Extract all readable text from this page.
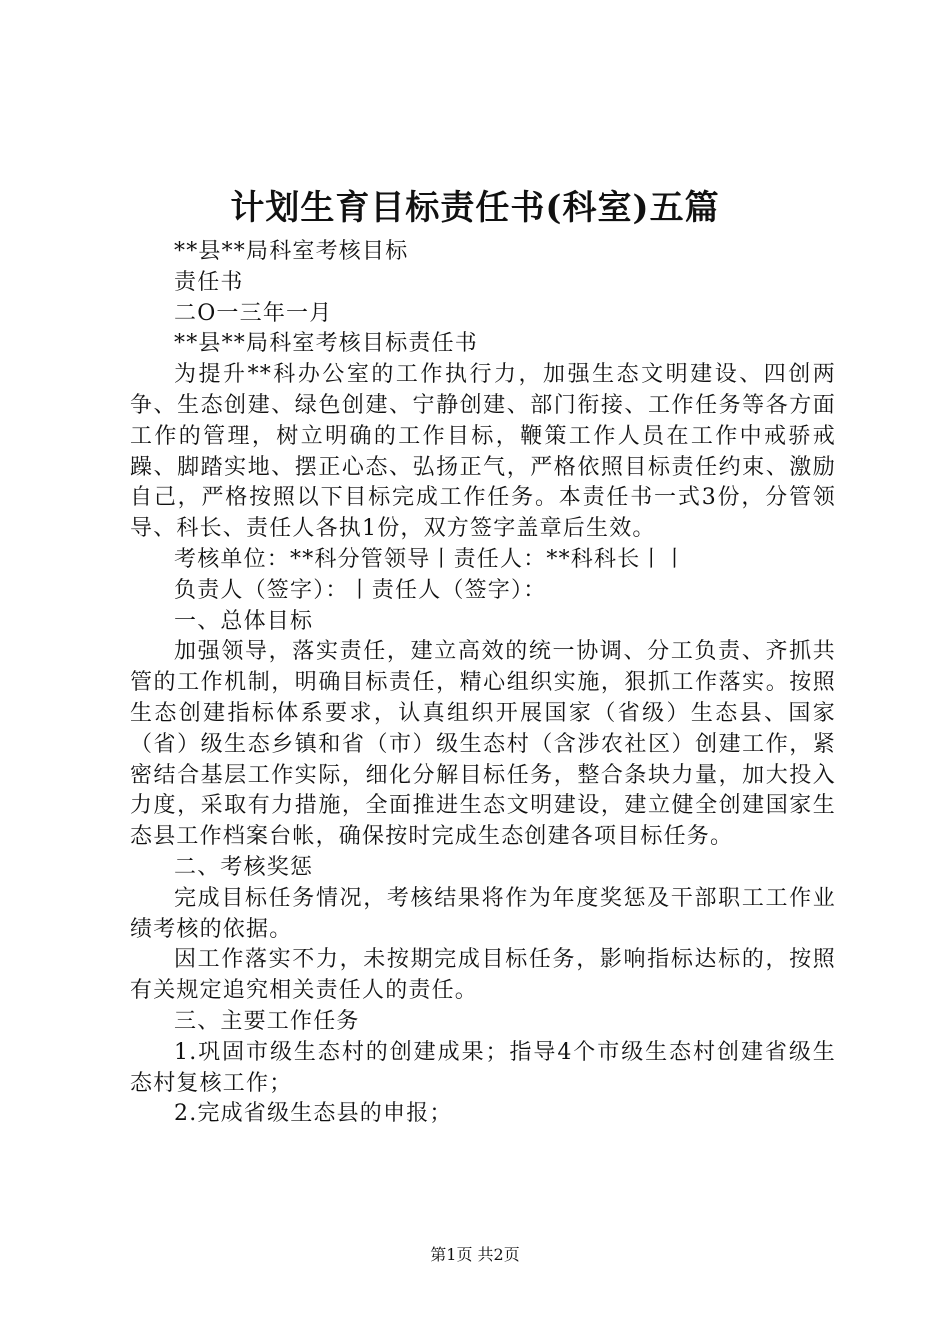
计划生育目标责任书(科室)五篇

**县**局科室考核目标

责任书

二O一三年一月

**县**局科室考核目标责任书

为提升**科办公室的工作执行力，加强生态文明建设、四创两争、生态创建、绿色创建、宁静创建、部门衔接、工作任务等各方面工作的管理，树立明确的工作目标，鞭策工作人员在工作中戒骄戒躁、脚踏实地、摆正心态、弘扬正气，严格依照目标责任约束、激励自己，严格按照以下目标完成工作任务。本责任书一式3份，分管领导、科长、责任人各执1份，双方签字盖章后生效。

考核单位：**科分管领导丨责任人：**科科长丨丨

负责人（签字）：丨责任人（签字）：

一、总体目标

加强领导，落实责任，建立高效的统一协调、分工负责、齐抓共管的工作机制，明确目标责任，精心组织实施，狠抓工作落实。按照生态创建指标体系要求，认真组织开展国家（省级）生态县、国家（省）级生态乡镇和省（市）级生态村（含涉农社区）创建工作，紧密结合基层工作实际，细化分解目标任务，整合条块力量，加大投入力度，采取有力措施，全面推进生态文明建设，建立健全创建国家生态县工作档案台帐，确保按时完成生态创建各项目标任务。

二、考核奖惩

完成目标任务情况，考核结果将作为年度奖惩及干部职工工作业绩考核的依据。

因工作落实不力，未按期完成目标任务，影响指标达标的，按照有关规定追究相关责任人的责任。

三、主要工作任务

1.巩固市级生态村的创建成果；指导4个市级生态村创建省级生态村复核工作；

2.完成省级生态县的申报；

第1页 共2页
